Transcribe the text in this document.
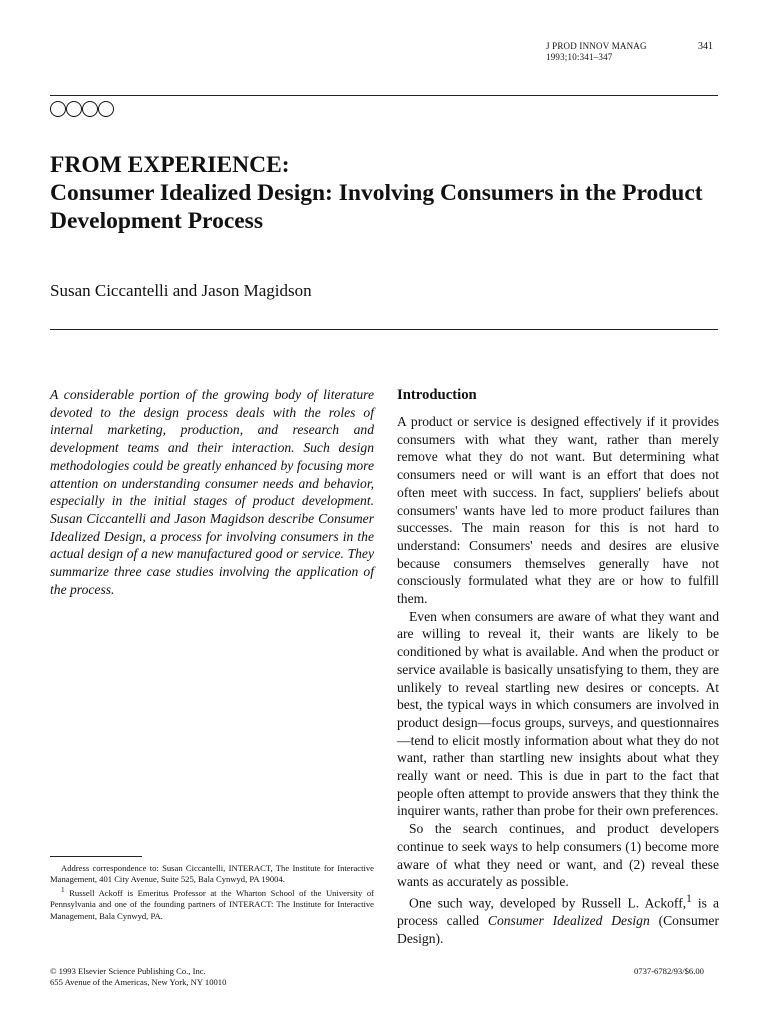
J PROD INNOV MANAG
1993;10:341–347
341
FROM EXPERIENCE:
Consumer Idealized Design: Involving Consumers in the Product
Development Process
Susan Ciccantelli and Jason Magidson
A considerable portion of the growing body of literature devoted to the design process deals with the roles of internal marketing, production, and research and development teams and their interaction. Such design methodologies could be greatly enhanced by focusing more attention on understanding consumer needs and behavior, especially in the initial stages of product development. Susan Ciccantelli and Jason Magidson describe Consumer Idealized Design, a process for involving consumers in the actual design of a new manufactured good or service. They summarize three case studies involving the application of the process.

Address correspondence to: Susan Ciccantelli, INTERACT, The Institute for Interactive Management, 401 City Avenue, Suite 525, Bala Cynwyd, PA 19004.

$^1$ Russell Ackoff is Emeritus Professor at the Wharton School of the University of Pennsylvania and one of the founding partners of INTERACT: The Institute for Interactive Management, Bala Cynwyd, PA.

Introduction

A product or service is designed effectively if it provides consumers with what they want, rather than merely remove what they do not want. But determining what consumers need or will want is an effort that does not often meet with success. In fact, suppliers' beliefs about consumers' wants have led to more product failures than successes. The main reason for this is not hard to understand: Consumers' needs and desires are elusive because consumers themselves generally have not consciously formulated what they are or how to fulfill them.

Even when consumers are aware of what they want and are willing to reveal it, their wants are likely to be conditioned by what is available. And when the product or service available is basically unsatisfying to them, they are unlikely to reveal startling new desires or concepts. At best, the typical ways in which consumers are involved in product design—focus groups, surveys, and questionnaires—tend to elicit mostly information about what they do not want, rather than startling new insights about what they really want or need. This is due in part to the fact that people often attempt to provide answers that they think the inquirer wants, rather than probe for their own preferences.

So the search continues, and product developers continue to seek ways to help consumers (1) become more aware of what they need or want, and (2) reveal these wants as accurately as possible.

One such way, developed by Russell L. Ackoff,$^1$ is a process called Consumer Idealized Design (Consumer Design).

© 1993 Elsevier Science Publishing Co., Inc.
655 Avenue of the Americas, New York, NY 10010
0737-6782/93/$6.00
